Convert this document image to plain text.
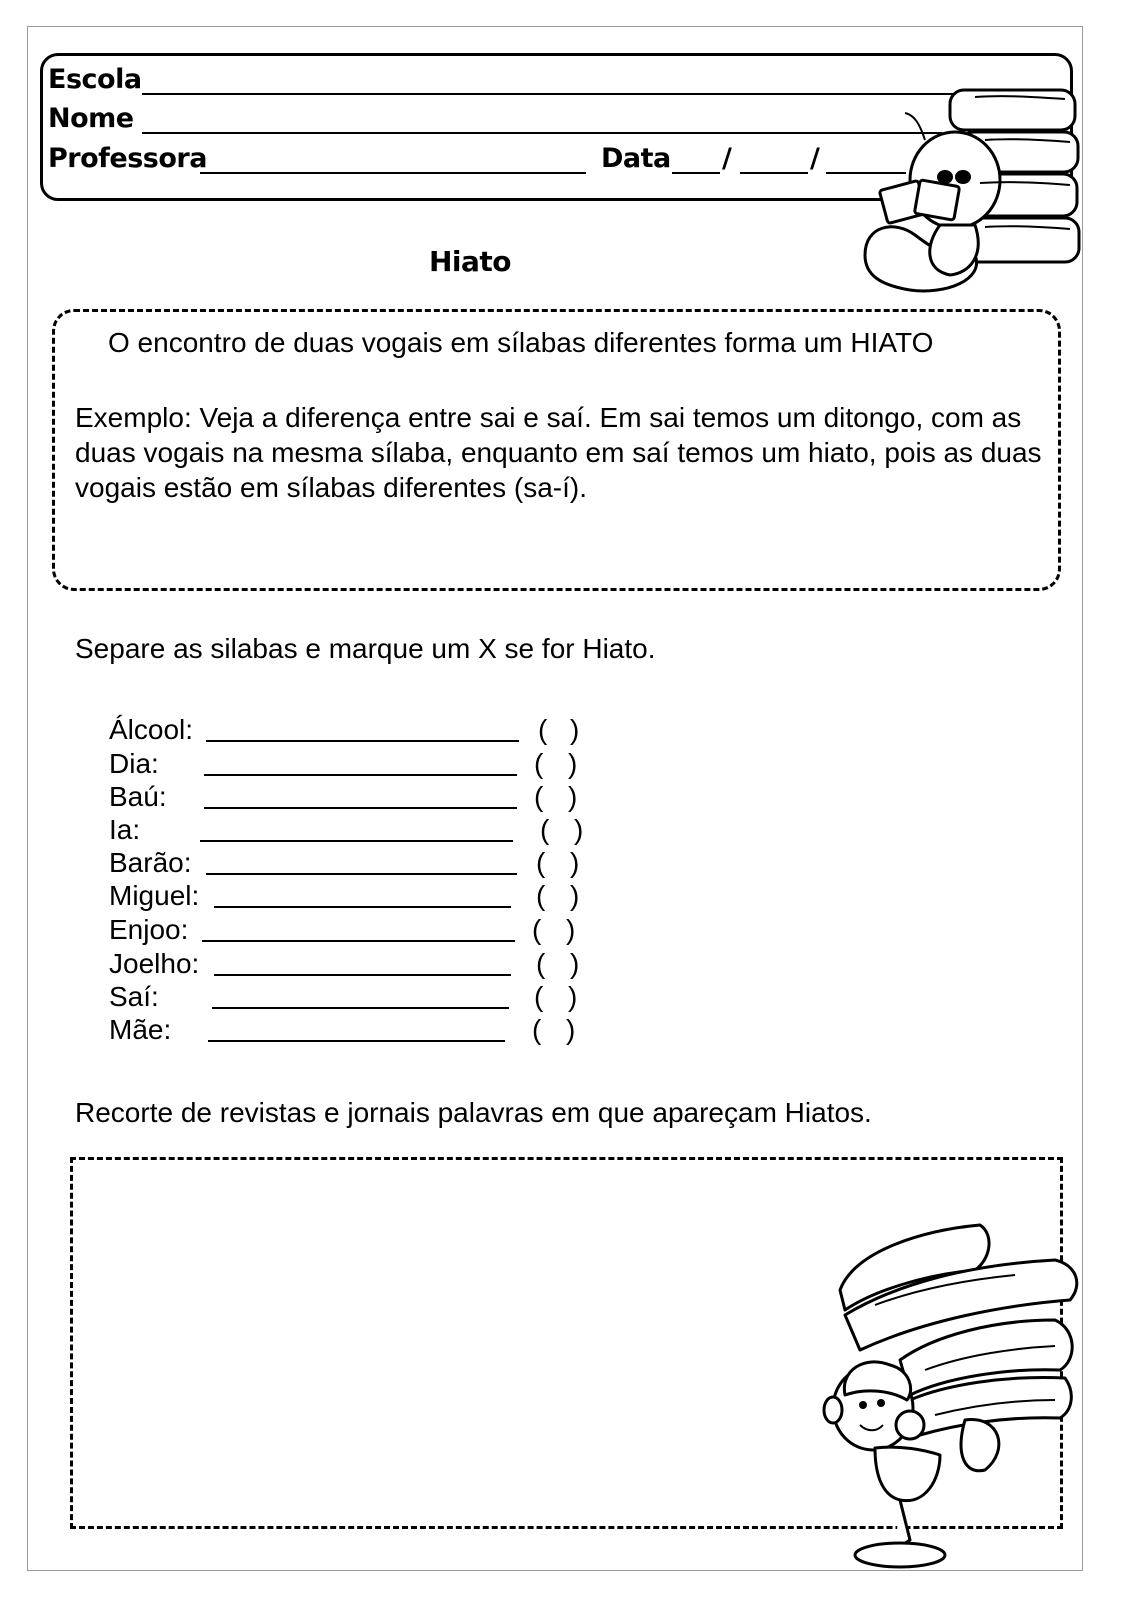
Escola
Nome
Professora	Data /	/
Hiato
O encontro de duas vogais em sílabas diferentes forma um HIATO
Exemplo: Veja a diferença entre sai e saí. Em sai temos um ditongo, com as duas vogais na mesma sílaba, enquanto em saí temos um hiato, pois as duas vogais estão em sílabas diferentes (sa-í).
Separe as silabas e marque um X se for Hiato.
Álcool:	( )
Dia:	( )
Baú:	( )
Ia:	( )
Barão:	( )
Miguel:	( )
Enjoo:	( )
Joelho:	( )
Saí:	( )
Mãe:	( )
Recorte de revistas e jornais palavras em que apareçam Hiatos.
